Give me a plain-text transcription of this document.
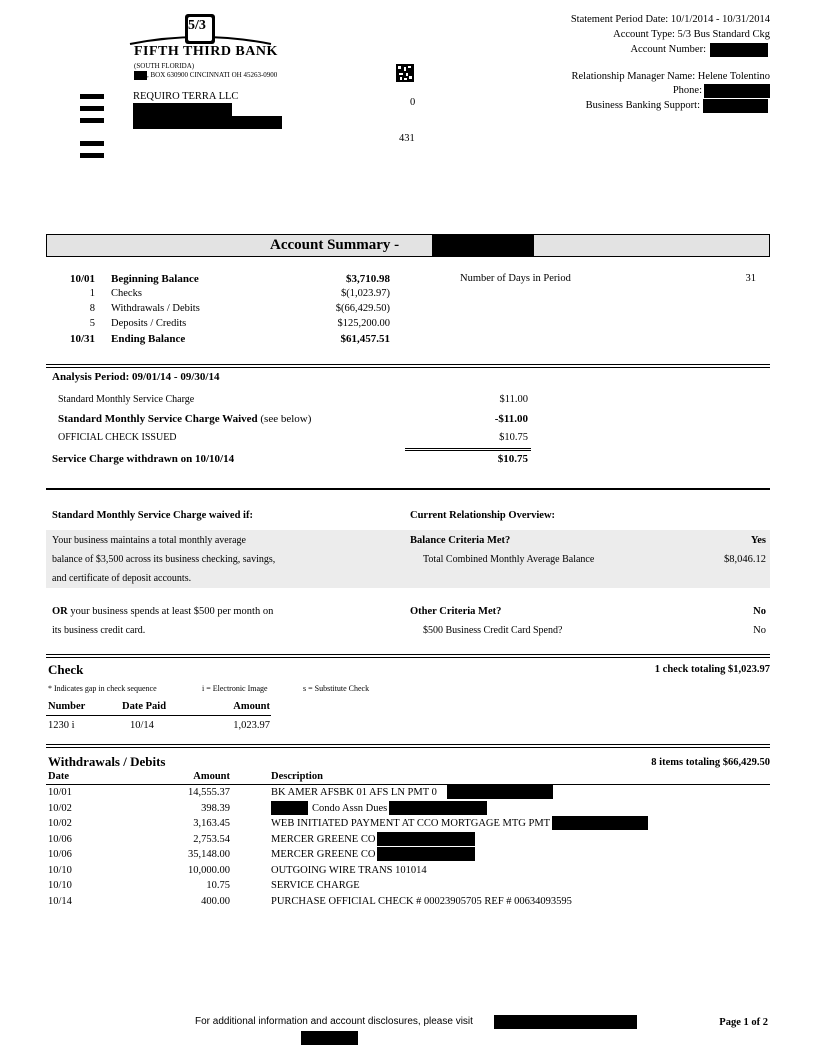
5/3
FIFTH THIRD BANK
(SOUTH FLORIDA)
, BOX 630900 CINCINNATI OH 45263-0900
REQUIRO TERRA LLC
0
431
Statement Period Date: 10/1/2014 - 10/31/2014
Account Type: 5/3 Bus Standard Ckg
Account Number:
Relationship Manager Name: Helene Tolentino
Phone:
Business Banking Support:
Account Summary -
10/01 Beginning Balance	$3,710.98
1 Checks	$(1,023.97)
8 Withdrawals / Debits	$(66,429.50)
5 Deposits / Credits	$125,200.00
10/31 Ending Balance	$61,457.51
Number of Days in Period	31
Analysis Period: 09/01/14 - 09/30/14
Standard Monthly Service Charge	$11.00
Standard Monthly Service Charge Waived (see below)	-$11.00
OFFICIAL CHECK ISSUED	$10.75
Service Charge withdrawn on 10/10/14	$10.75
Standard Monthly Service Charge waived if:	Current Relationship Overview:
Your business maintains a total monthly average
balance of $3,500 across its business checking, savings,
and certificate of deposit accounts.
Balance Criteria Met?	Yes
Total Combined Monthly Average Balance	$8,046.12
OR your business spends at least $500 per month on
its business credit card.
Other Criteria Met?	No
$500 Business Credit Card Spend?	No
Check	1 check totaling $1,023.97
* Indicates gap in check sequence	i = Electronic Image	s = Substitute Check
Number	Date Paid	Amount
1230 i	10/14	1,023.97
Withdrawals / Debits	8 items totaling $66,429.50
Date	Amount	Description
10/01	14,555.37	BK AMER AFSBK 01 AFS LN PMT 0
10/02	398.39	Condo Assn Dues
10/02	3,163.45	WEB INITIATED PAYMENT AT CCO MORTGAGE MTG PMT
10/06	2,753.54	MERCER GREENE CO
10/06	35,148.00	MERCER GREENE CO
10/10	10,000.00	OUTGOING WIRE TRANS 101014
10/10	10.75	SERVICE CHARGE
10/14	400.00	PURCHASE OFFICIAL CHECK # 00023905705 REF # 00634093595
For additional information and account disclosures, please visit	Page 1 of 2
